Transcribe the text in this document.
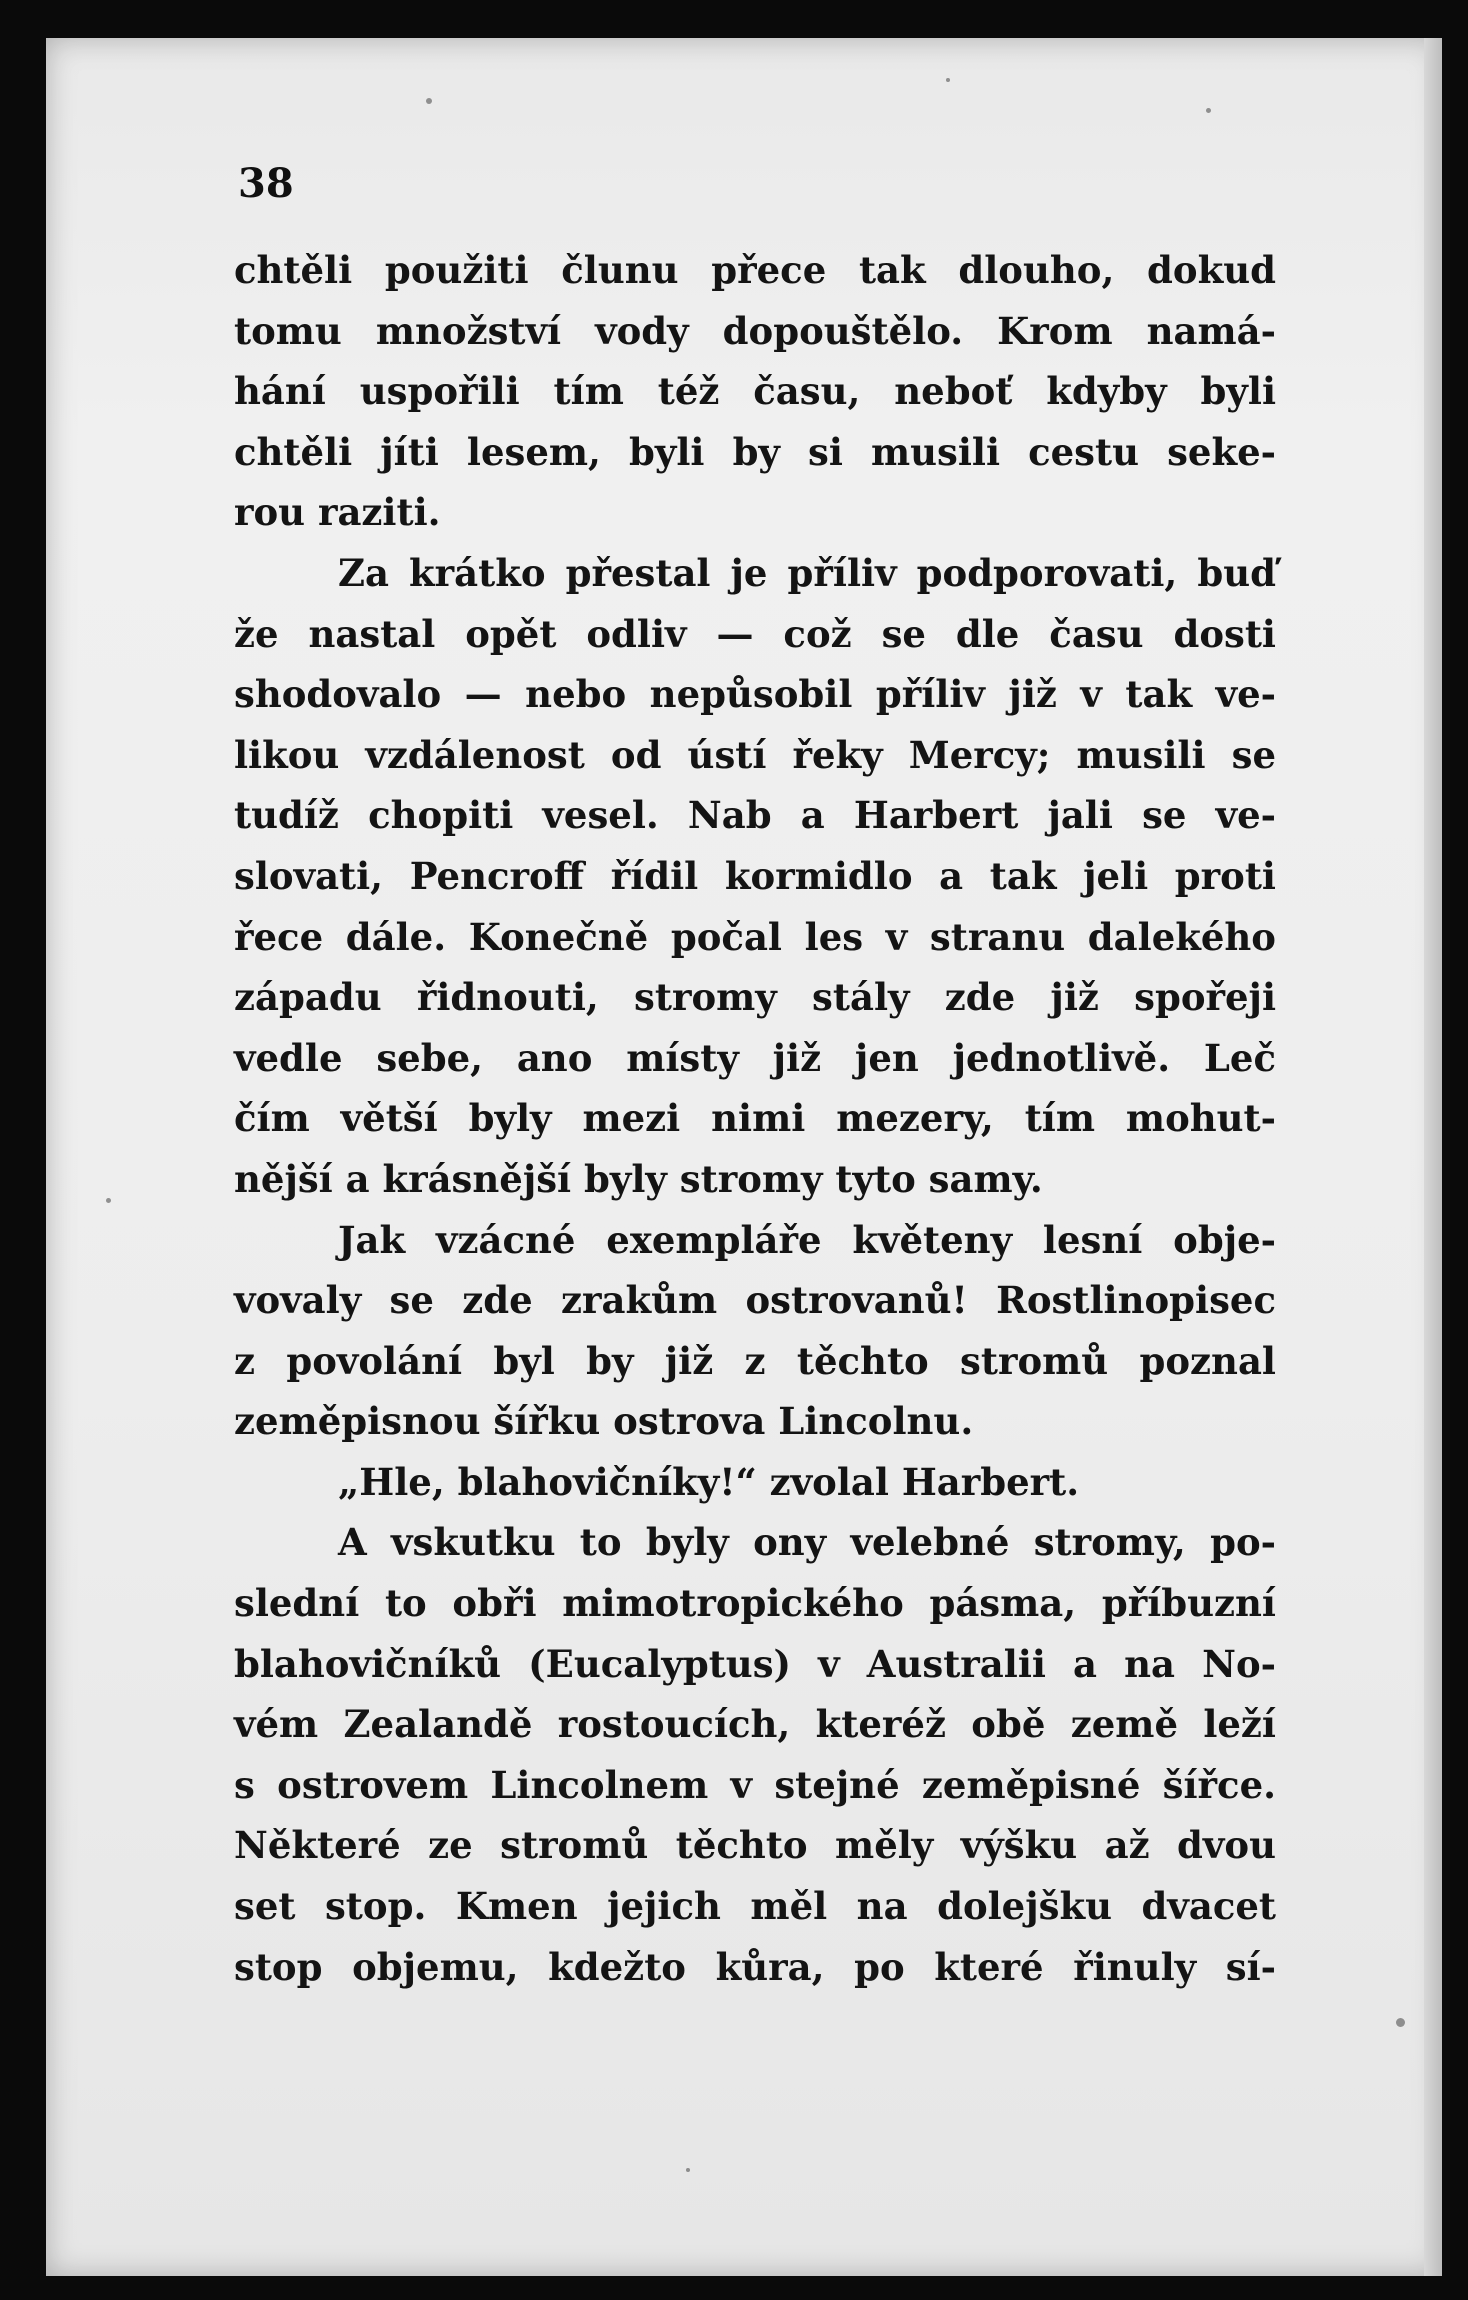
38

chtěli použiti člunu přece tak dlouho, dokud
tomu množství vody dopouštělo. Krom namá-
hání uspořili tím též času, neboť kdyby byli
chtěli jíti lesem, byli by si musili cestu seke-
rou raziti.
Za krátko přestal je příliv podporovati, buď
že nastal opět odliv — což se dle času dosti
shodovalo — nebo nepůsobil příliv již v tak ve-
likou vzdálenost od ústí řeky Mercy; musili se
tudíž chopiti vesel. Nab a Harbert jali se ve-
slovati, Pencroff řídil kormidlo a tak jeli proti
řece dále. Konečně počal les v stranu dalekého
západu řidnouti, stromy stály zde již spořeji
vedle sebe, ano místy již jen jednotlivě. Leč
čím větší byly mezi nimi mezery, tím mohut-
nější a krásnější byly stromy tyto samy.
Jak vzácné exempláře květeny lesní obje-
vovaly se zde zrakům ostrovanů! Rostlinopisec
z povolání byl by již z těchto stromů poznal
zeměpisnou šířku ostrova Lincolnu.
„Hle, blahovičníky!“ zvolal Harbert.
A vskutku to byly ony velebné stromy, po-
slední to obři mimotropického pásma, příbuzní
blahovičníků (Eucalyptus) v Australii a na No-
vém Zealandě rostoucích, kteréž obě země leží
s ostrovem Lincolnem v stejné zeměpisné šířce.
Některé ze stromů těchto měly výšku až dvou
set stop. Kmen jejich měl na dolejšku dvacet
stop objemu, kdežto kůra, po které řinuly sí-
